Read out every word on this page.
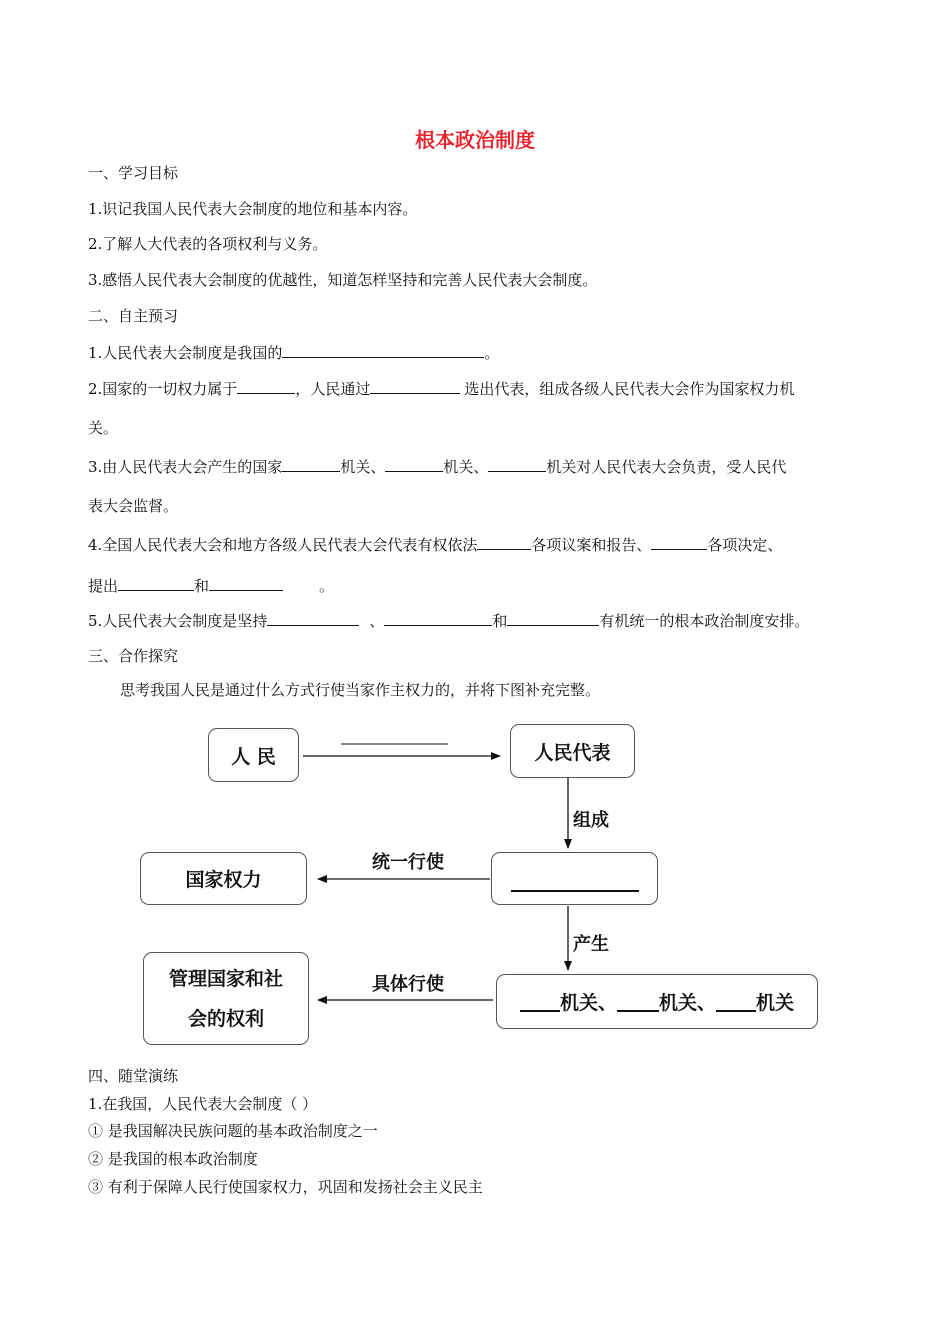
根本政治制度
一、学习目标
1.识记我国人民代表大会制度的地位和基本内容。
2.了解人大代表的各项权利与义务。
3.感悟人民代表大会制度的优越性，知道怎样坚持和完善人民代表大会制度。
二、自主预习
1.人民代表大会制度是我国的	。
2.国家的一切权力属于	，人民通过	选出代表，组成各级人民代表大会作为国家权力机
关。
3.由人民代表大会产生的国家	机关、	机关、	机关对人民代表大会负责，受人民代
表大会监督。
4.全国人民代表大会和地方各级人民代表大会代表有权依法	各项议案和报告、	各项决定、
提出	和	。
5.人民代表大会制度是坚持	、	和	有机统一的根本政治制度安排。
三、合作探究
思考我国人民是通过什么方式行使当家作主权力的，并将下图补充完整。
人 民	人民代表
组成
国家权力
统一行使
产生
管理国家和社
会的权利
具体行使
机关、 机关、 机关
四、随堂演练
1.在我国，人民代表大会制度（ ）
① 是我国解决民族问题的基本政治制度之一
② 是我国的根本政治制度
③ 有利于保障人民行使国家权力，巩固和发扬社会主义民主
